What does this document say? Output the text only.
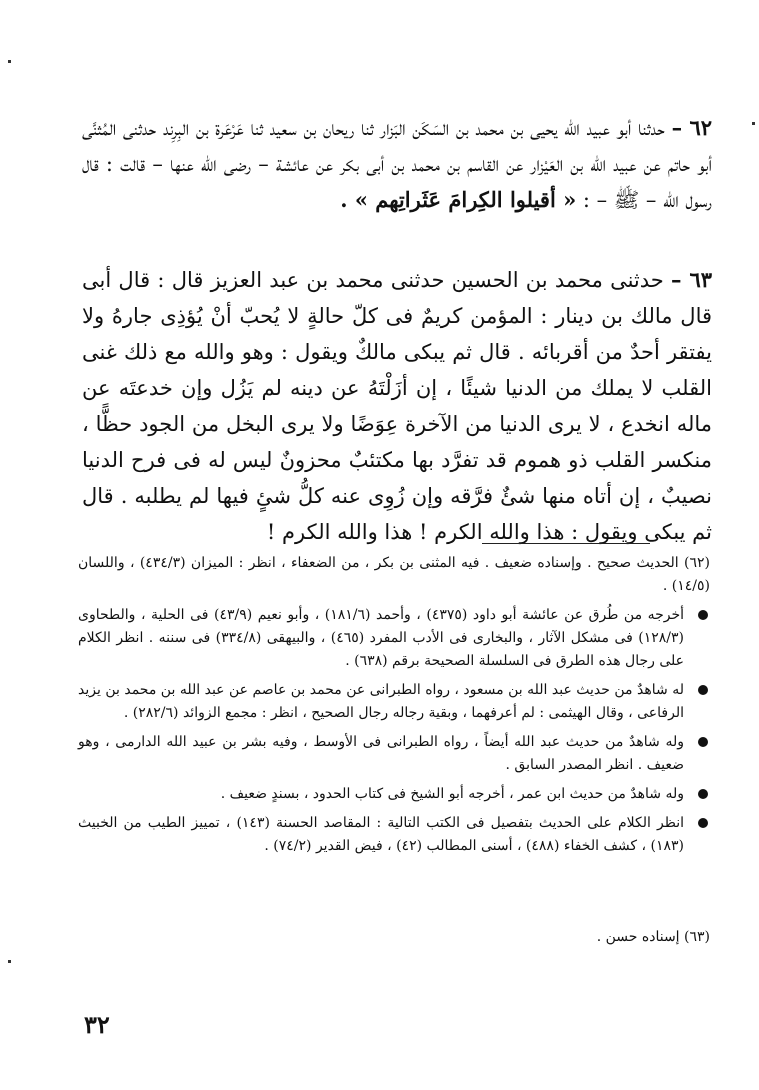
٦٢ – حدثنا أبو عبيد الله يحيى بن محمد بن السَكَن البَزار ثنا ريحان بن سعيد ثنا عَرْعَرة بن البِرِند حدثنى المُثنَّى أبو حاتم عن عبيد الله بن العَيْزار عن القاسم بن محمد بن أبى بكر عن عائشة – رضى الله عنها – قالت : قال رسول الله – ﷺ – : « أقيلوا الكِرامَ عَثَراتِهم » .

٦٣ – حدثنى محمد بن الحسين حدثنى محمد بن عبد العزيز قال : قال أبى قال مالك بن دينار : المؤمن كريمٌ فى كلّ حالةٍ لا يُحبّ أنْ يُؤذِى جارهُ ولا يفتقر أحدٌ من أقربائه . قال ثم يبكى مالكٌ ويقول : وهو والله مع ذلك غنى القلب لا يملك من الدنيا شيئًا ، إن أزَلْتَهُ عن دينه لم يَزُل وإن خدعتَه عن ماله انخدع ، لا يرى الدنيا من الآخرة عِوَضًا ولا يرى البخل من الجود حظًّا ، منكسر القلب ذو هموم قد تفرَّد بها مكتئبٌ محزونٌ ليس له فى فرح الدنيا نصيبٌ ، إن أتاه منها شئٌ فرَّقه وإن زُوِى عنه كلُّ شئٍ فيها لم يطلبه . قال ثم يبكى ويقول : هذا والله الكرم ! هذا والله الكرم !

(٦٢) الحديث صحيح . وإسناده ضعيف . فيه المثنى بن بكر ، من الضعفاء ، انظر : الميزان (٤٣٤/٣) ، واللسان (١٤/٥) .

أخرجه من طُرق عن عائشة أبو داود (٤٣٧٥) ، وأحمد (١٨١/٦) ، وأبو نعيم (٤٣/٩) فى الحلية ، والطحاوى (١٢٨/٣) فى مشكل الآثار ، والبخارى فى الأدب المفرد (٤٦٥) ، والبيهقى (٣٣٤/٨) فى سننه . انظر الكلام على رجال هذه الطرق فى السلسلة الصحيحة برقم (٦٣٨) .
له شاهدٌ من حديث عبد الله بن مسعود ، رواه الطبرانى عن محمد بن عاصم عن عبد الله بن محمد بن يزيد الرفاعى ، وقال الهيثمى : لم أعرفهما ، وبقية رجاله رجال الصحيح ، انظر : مجمع الزوائد (٢٨٢/٦) .
وله شاهدٌ من حديث عبد الله أيضاً ، رواه الطبرانى فى الأوسط ، وفيه بشر بن عبيد الله الدارمى ، وهو ضعيف . انظر المصدر السابق .
وله شاهدٌ من حديث ابن عمر ، أخرجه أبو الشيخ فى كتاب الحدود ، بسندٍ ضعيف .
انظر الكلام على الحديث بتفصيل فى الكتب التالية : المقاصد الحسنة (١٤٣) ، تمييز الطيب من الخبيث (١٨٣) ، كشف الخفاء (٤٨٨) ، أسنى المطالب (٤٢) ، فيض القدير (٧٤/٢) .

(٦٣) إسناده حسن .

٣٢
